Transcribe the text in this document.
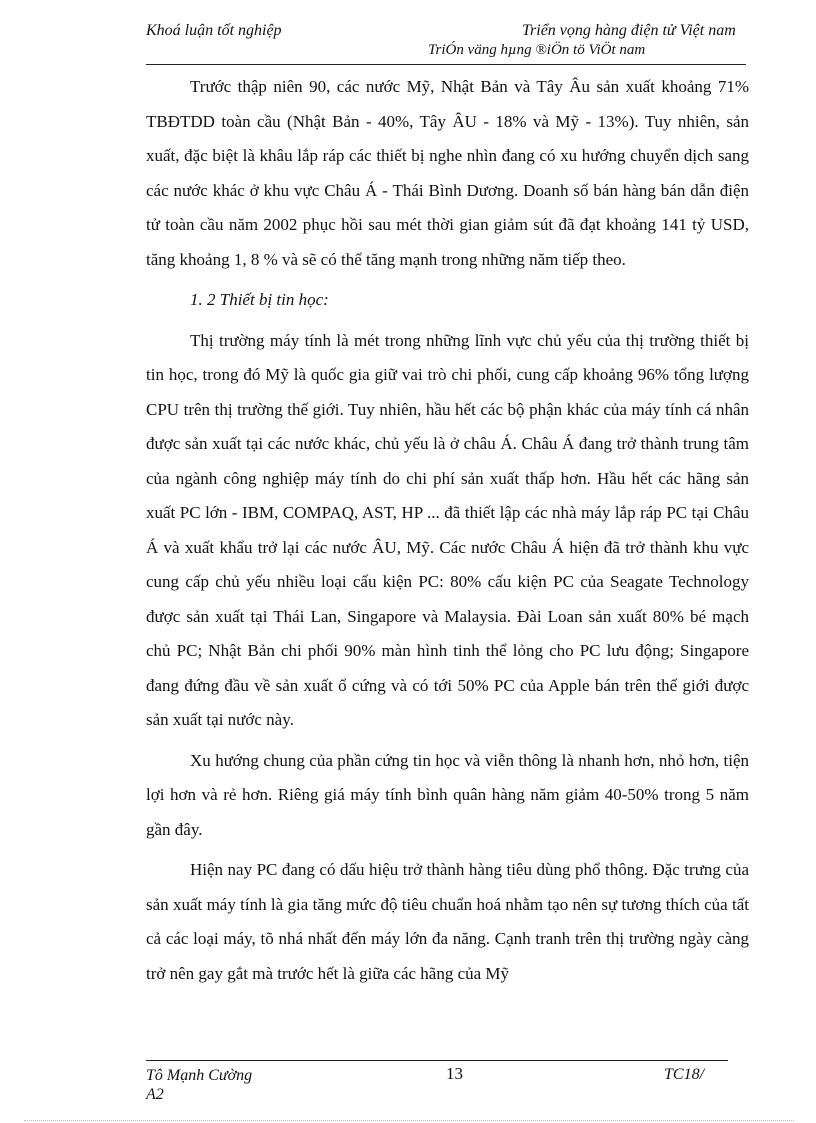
Khoá luận tốt nghiệp	Triển vọng hàng điện tử Việt nam
TriÓn väng hµng ®iÖn tö ViÖt nam

Trước thập niên 90, các nước Mỹ, Nhật Bản và Tây Âu sản xuất khoảng 71% TBĐTDD toàn cầu (Nhật Bản - 40%, Tây ÂU - 18% và Mỹ - 13%). Tuy nhiên, sản xuất, đặc biệt là khâu lắp ráp các thiết bị nghe nhìn đang có xu hướng chuyển dịch sang các nước khác ở khu vực Châu Á - Thái Bình Dương. Doanh số bán hàng bán dẫn điện tử toàn cầu năm 2002 phục hồi sau mét thời gian giảm sút đã đạt khoảng 141 tỷ USD, tăng khoảng 1, 8 % và sẽ có thể tăng mạnh trong những năm tiếp theo.

1. 2 Thiết bị tin học:

Thị trường máy tính là mét trong những lĩnh vực chủ yếu của thị trường thiết bị tin học, trong đó Mỹ là quốc gia giữ vai trò chi phối, cung cấp khoảng 96% tổng lượng CPU trên thị trường thế giới. Tuy nhiên, hầu hết các bộ phận khác của máy tính cá nhân được sản xuất tại các nước khác, chủ yếu là ở châu Á. Châu Á đang trở thành trung tâm của ngành công nghiệp máy tính do chi phí sản xuất thấp hơn. Hầu hết các hãng sản xuất PC lớn - IBM, COMPAQ, AST, HP ... đã thiết lập các nhà máy lắp ráp PC tại Châu Á và xuất khẩu trở lại các nước ÂU, Mỹ. Các nước Châu Á hiện đã trở thành khu vực cung cấp chủ yếu nhiều loại cấu kiện PC: 80% cấu kiện PC của Seagate Technology được sản xuất tại Thái Lan, Singapore và Malaysia. Đài Loan sản xuất 80% bé mạch chủ PC; Nhật Bản chi phối 90% màn hình tinh thể lỏng cho PC lưu động; Singapore đang đứng đầu về sản xuất ổ cứng và có tới 50% PC của Apple bán trên thế giới được sản xuất tại nước này.

Xu hướng chung của phần cứng tin học và viễn thông là nhanh hơn, nhỏ hơn, tiện lợi hơn và rẻ hơn. Riêng giá máy tính bình quân hàng năm giảm 40-50% trong 5 năm gần đây.

Hiện nay PC đang có dấu hiệu trở thành hàng tiêu dùng phổ thông. Đặc trưng của sản xuất máy tính là gia tăng mức độ tiêu chuẩn hoá nhằm tạo nên sự tương thích của tất cả các loại máy, tõ nhá nhất đến máy lớn đa năng. Cạnh tranh trên thị trường ngày càng trở nên gay gắt mà trước hết là giữa các hãng của Mỹ

Tô Mạnh Cường	13	TC18/
A2
